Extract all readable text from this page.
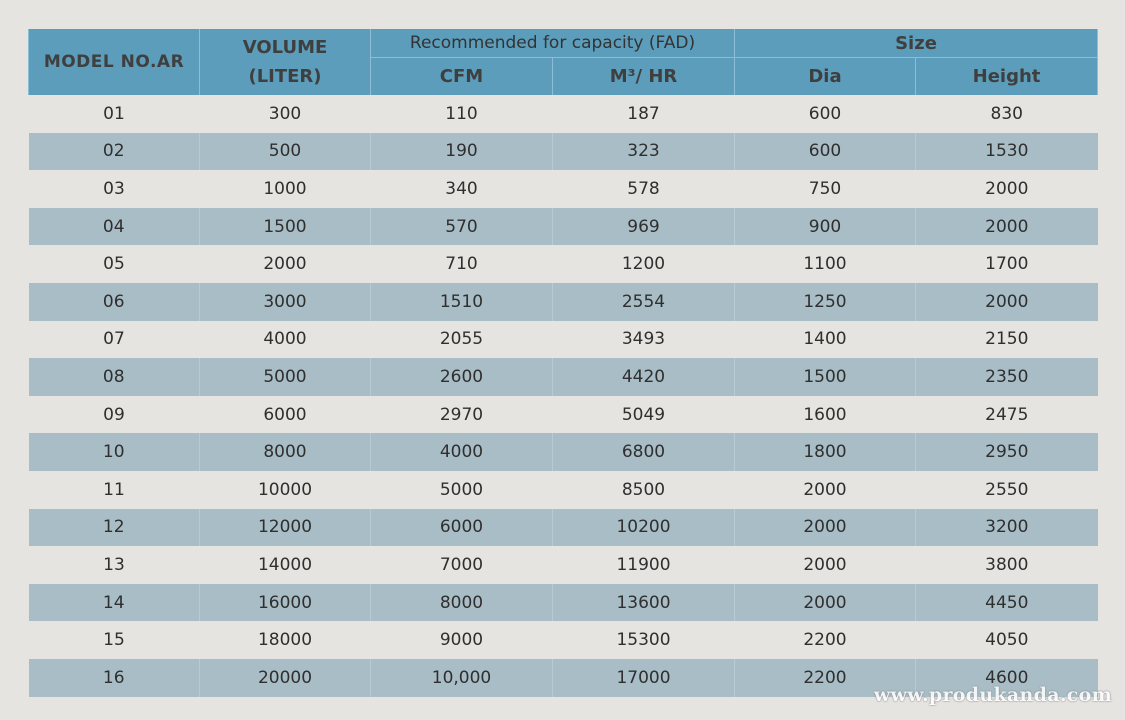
MODEL NO.AR	VOLUME (LITER)	Recommended for capacity (FAD)		Size	
		CFM	M³/ HR	Dia	Height
01	300	110	187	600	830
02	500	190	323	600	1530
03	1000	340	578	750	2000
04	1500	570	969	900	2000
05	2000	710	1200	1100	1700
06	3000	1510	2554	1250	2000
07	4000	2055	3493	1400	2150
08	5000	2600	4420	1500	2350
09	6000	2970	5049	1600	2475
10	8000	4000	6800	1800	2950
11	10000	5000	8500	2000	2550
12	12000	6000	10200	2000	3200
13	14000	7000	11900	2000	3800
14	16000	8000	13600	2000	4450
15	18000	9000	15300	2200	4050
16	20000	10,000	17000	2200	4600
www.produkanda.com
